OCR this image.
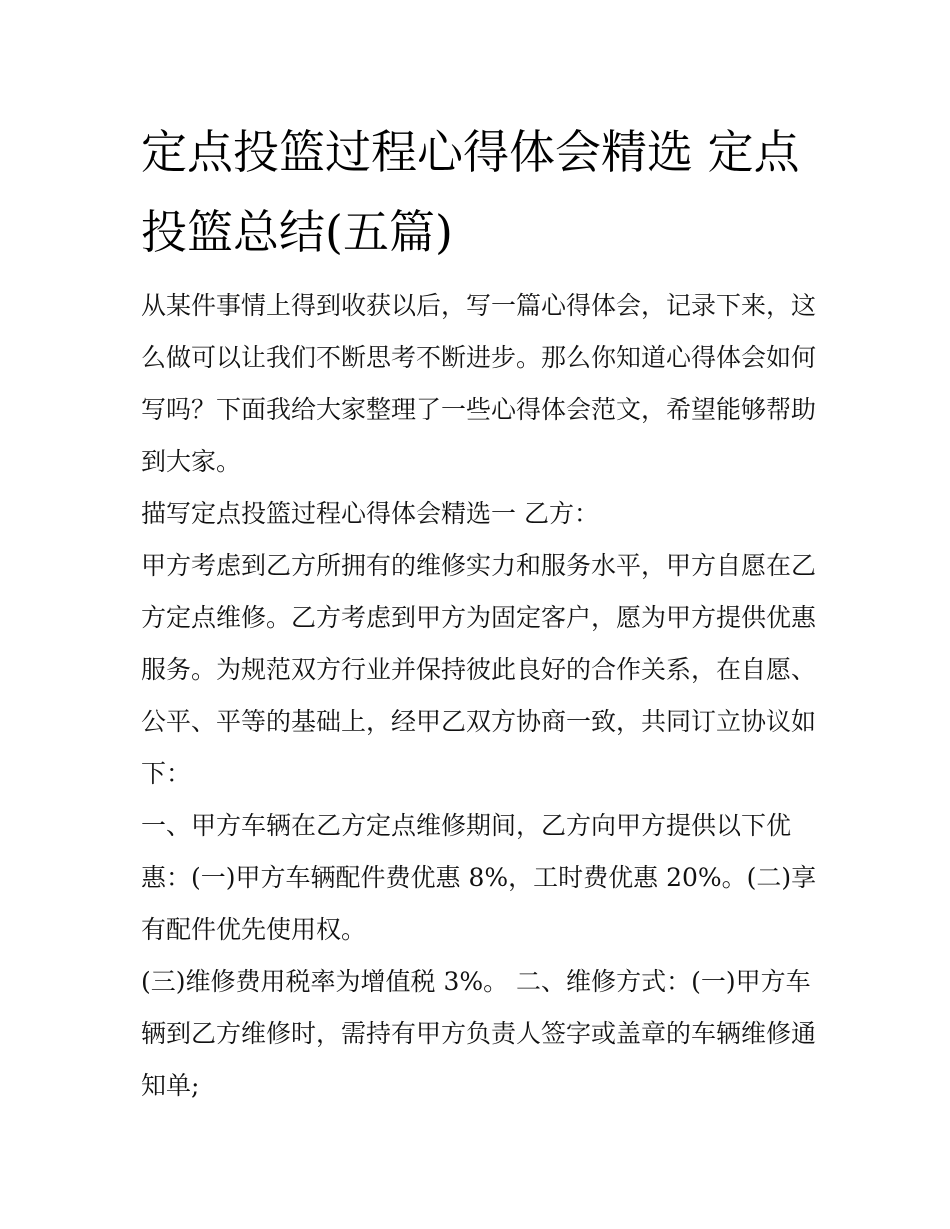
定点投篮过程心得体会精选 定点投篮总结(五篇)

从某件事情上得到收获以后，写一篇心得体会，记录下来，这么做可以让我们不断思考不断进步。那么你知道心得体会如何写吗？下面我给大家整理了一些心得体会范文，希望能够帮助到大家。

描写定点投篮过程心得体会精选一 乙方：

甲方考虑到乙方所拥有的维修实力和服务水平，甲方自愿在乙方定点维修。乙方考虑到甲方为固定客户，愿为甲方提供优惠服务。为规范双方行业并保持彼此良好的合作关系，在自愿、公平、平等的基础上，经甲乙双方协商一致，共同订立协议如下：

一、甲方车辆在乙方定点维修期间，乙方向甲方提供以下优惠：(一)甲方车辆配件费优惠 8%，工时费优惠 20%。(二)享有配件优先使用权。

(三)维修费用税率为增值税 3%。 二、维修方式：(一)甲方车辆到乙方维修时，需持有甲方负责人签字或盖章的车辆维修通知单;
